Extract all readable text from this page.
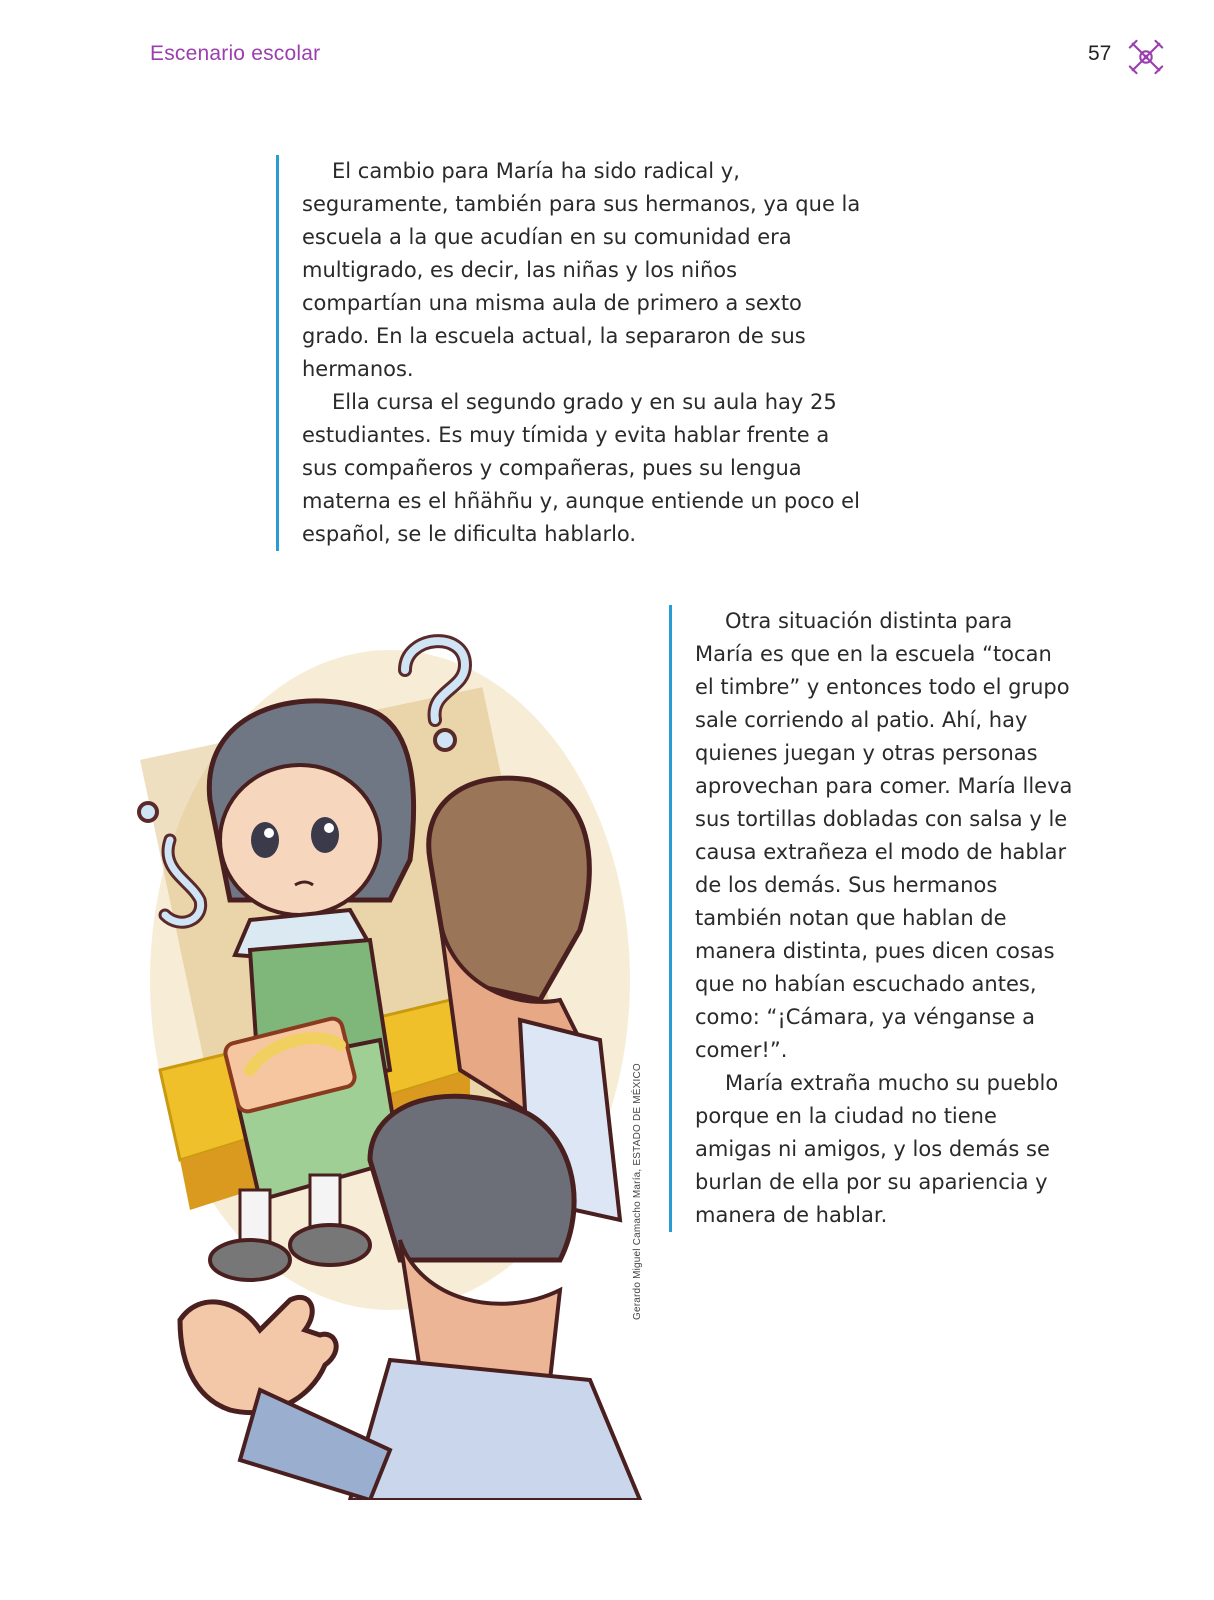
Escenario escolar	57

El cambio para María ha sido radical y, seguramente, también para sus hermanos, ya que la escuela a la que acudían en su comunidad era multigrado, es decir, las niñas y los niños compartían una misma aula de primero a sexto grado. En la escuela actual, la separaron de sus hermanos.

Ella cursa el segundo grado y en su aula hay 25 estudiantes. Es muy tímida y evita hablar frente a sus compañeros y compañeras, pues su lengua materna es el hñähñu y, aunque entiende un poco el español, se le dificulta hablarlo.

Gerardo Miguel Camacho María, ESTADO DE MÉXICO

Otra situación distinta para María es que en la escuela “tocan el timbre” y entonces todo el grupo sale corriendo al patio. Ahí, hay quienes juegan y otras personas aprovechan para comer. María lleva sus tortillas dobladas con salsa y le causa extrañeza el modo de hablar de los demás. Sus hermanos también notan que hablan de manera distinta, pues dicen cosas que no habían escuchado antes, como: “¡Cámara, ya vénganse a comer!”.

María extraña mucho su pueblo porque en la ciudad no tiene amigas ni amigos, y los demás se burlan de ella por su apariencia y manera de hablar.
